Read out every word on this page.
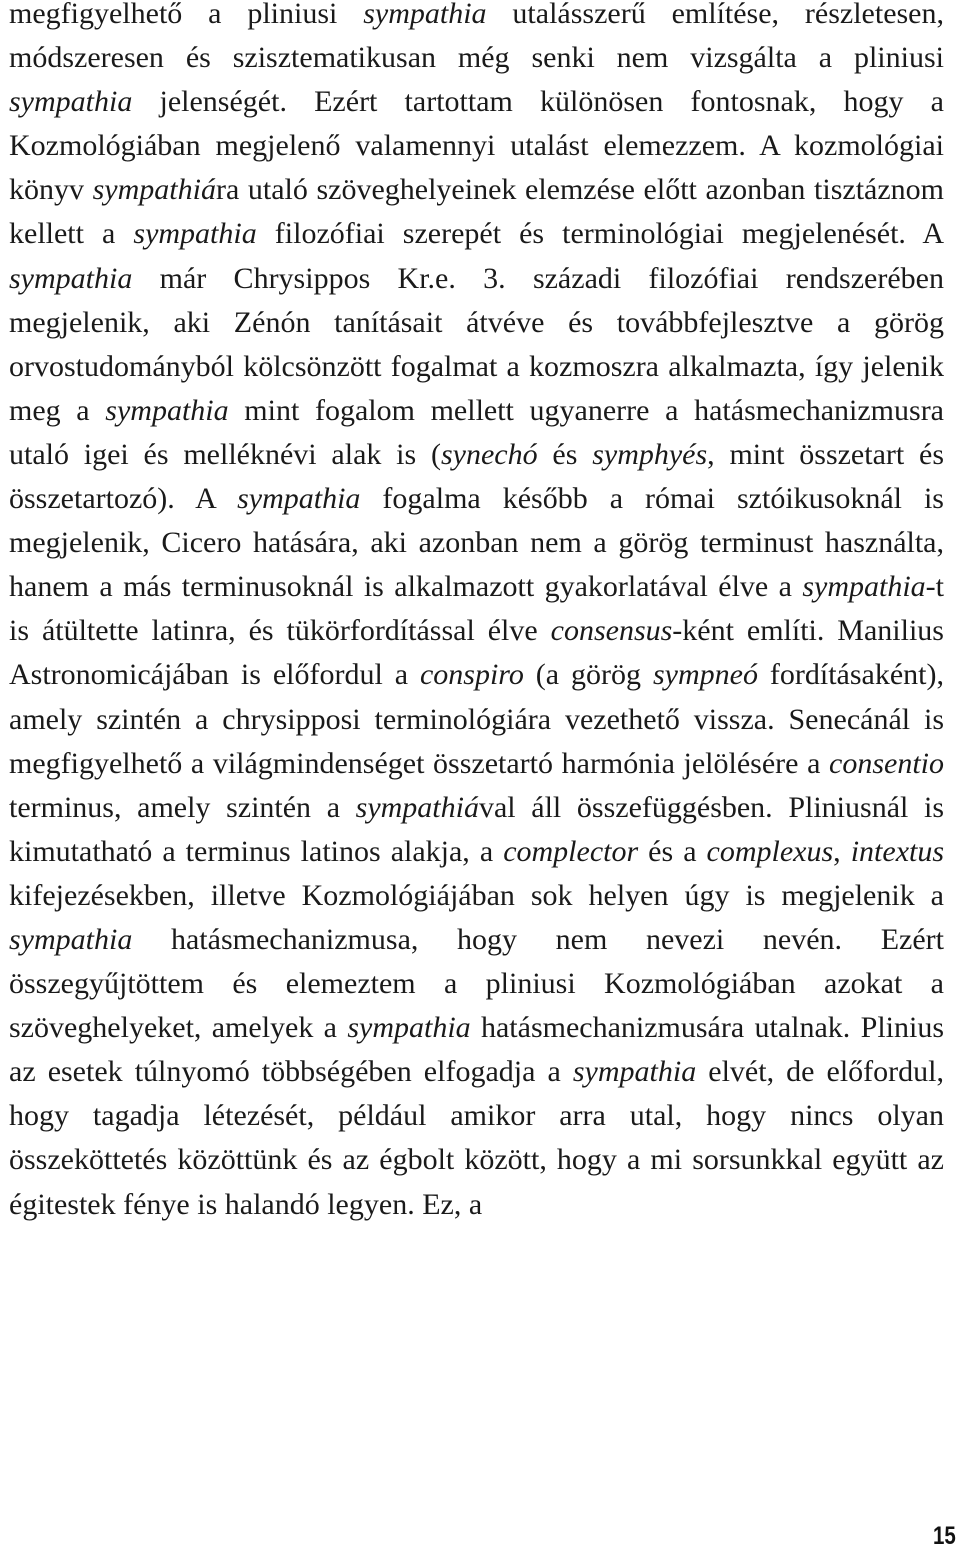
megfigyelhető a pliniusi sympathia utalásszerű említése, részletesen, módszeresen és szisztematikusan még senki nem vizsgálta a pliniusi sympathia jelenségét. Ezért tartottam különösen fontosnak, hogy a Kozmológiában megjelenő valamennyi utalást elemezzem. A kozmológiai könyv sympathiára utaló szöveghelyeinek elemzése előtt azonban tisztáznom kellett a sympathia filozófiai szerepét és terminológiai megjelenését. A sympathia már Chrysippos Kr.e. 3. századi filozófiai rendszerében megjelenik, aki Zénón tanításait átvéve és továbbfejlesztve a görög orvostudományból kölcsönzött fogalmat a kozmoszra alkalmazta, így jelenik meg a sympathia mint fogalom mellett ugyanerre a hatásmechanizmusra utaló igei és melléknévi alak is (synechó és symphyés, mint összetart és összetartozó). A sympathia fogalma később a római sztóikusoknál is megjelenik, Cicero hatására, aki azonban nem a görög terminust használta, hanem a más terminusoknál is alkalmazott gyakorlatával élve a sympathia-t is átültette latinra, és tükörfordítással élve consensus-ként említi. Manilius Astronomicájában is előfordul a conspiro (a görög sympneó fordításaként), amely szintén a chrysipposi terminológiára vezethető vissza. Senecánál is megfigyelhető a világmindenséget összetartó harmónia jelölésére a consentio terminus, amely szintén a sympathiával áll összefüggésben. Pliniusnál is kimutatható a terminus latinos alakja, a complector és a complexus, intextus kifejezésekben, illetve Kozmológiájában sok helyen úgy is megjelenik a sympathia hatásmechanizmusa, hogy nem nevezi nevén. Ezért összegyűjtöttem és elemeztem a pliniusi Kozmológiában azokat a szöveghelyeket, amelyek a sympathia hatásmechanizmusára utalnak. Plinius az esetek túlnyomó többségében elfogadja a sympathia elvét, de előfordul, hogy tagadja létezését, például amikor arra utal, hogy nincs olyan összeköttetés közöttünk és az égbolt között, hogy a mi sorsunkkal együtt az égitestek fénye is halandó legyen. Ez, a

15
